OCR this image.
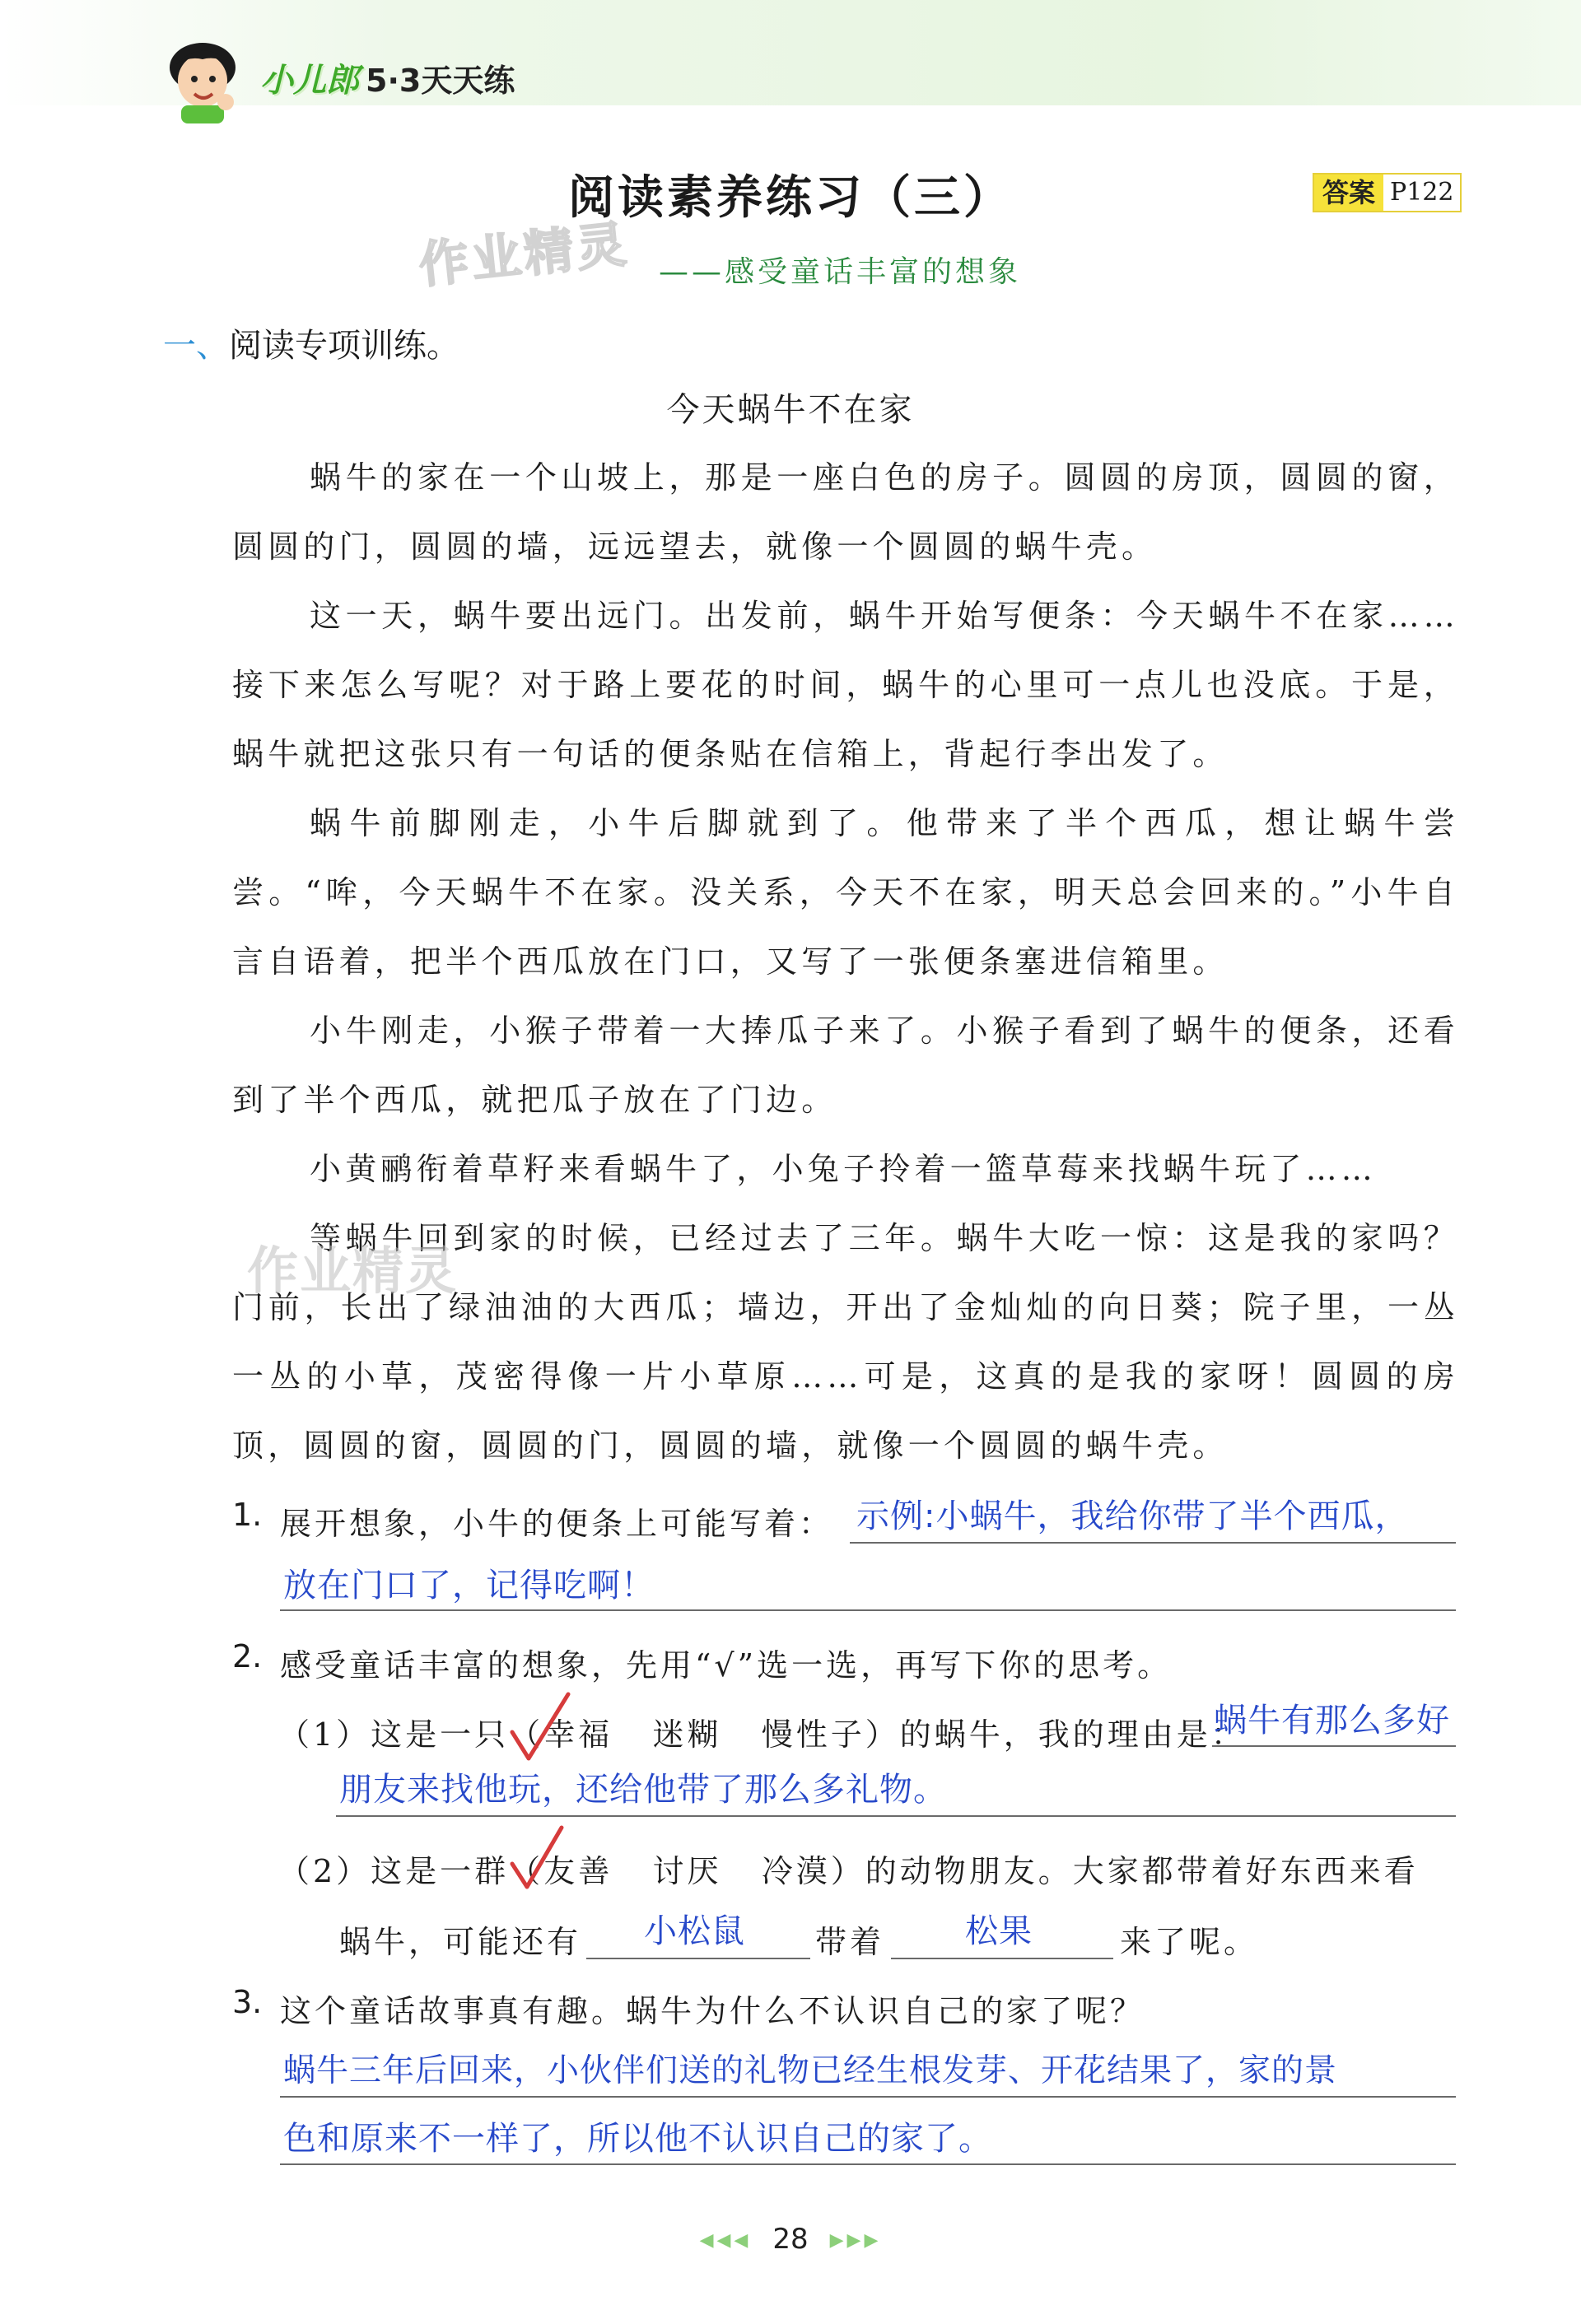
小儿郎 5·3天天练
阅读素养练习（三）	答案 P122
作业精灵 ——感受童话丰富的想象
一、阅读专项训练。
今天蜗牛不在家
蜗牛的家在一个山坡上，那是一座白色的房子。圆圆的房顶，圆圆的窗，圆圆的门，圆圆的墙，远远望去，就像一个圆圆的蜗牛壳。
这一天，蜗牛要出远门。出发前，蜗牛开始写便条：今天蜗牛不在家……接下来怎么写呢？对于路上要花的时间，蜗牛的心里可一点儿也没底。于是，蜗牛就把这张只有一句话的便条贴在信箱上，背起行李出发了。
蜗牛前脚刚走，小牛后脚就到了。他带来了半个西瓜，想让蜗牛尝尝。“哞，今天蜗牛不在家。没关系，今天不在家，明天总会回来的。”小牛自言自语着，把半个西瓜放在门口，又写了一张便条塞进信箱里。
小牛刚走，小猴子带着一大捧瓜子来了。小猴子看到了蜗牛的便条，还看到了半个西瓜，就把瓜子放在了门边。
小黄鹂衔着草籽来看蜗牛了，小兔子拎着一篮草莓来找蜗牛玩了……
等蜗牛回到家的时候，已经过去了三年。蜗牛大吃一惊：这是我的家吗？门前，长出了绿油油的大西瓜；墙边，开出了金灿灿的向日葵；院子里，一丛一丛的小草，茂密得像一片小草原……可是，这真的是我的家呀！圆圆的房顶，圆圆的窗，圆圆的门，圆圆的墙，就像一个圆圆的蜗牛壳。
作业精灵
1. 展开想象，小牛的便条上可能写着： 示例:小蜗牛，我给你带了半个西瓜，
放在门口了，记得吃啊！
2. 感受童话丰富的想象，先用“√”选一选，再写下你的思考。
（1）这是一只（幸福 迷糊 慢性子）的蜗牛，我的理由是：
蜗牛有那么多好
朋友来找他玩，还给他带了那么多礼物。
（2）这是一群（友善 讨厌 冷漠）的动物朋友。大家都带着好东西来看
蜗牛，可能还有 小松鼠 带着 松果	来了呢。
3. 这个童话故事真有趣。蜗牛为什么不认识自己的家了呢？
蜗牛三年后回来，小伙伴们送的礼物已经生根发芽、开花结果了，家的景
色和原来不一样了，所以他不认识自己的家了。
◀◀◀ 28 ▶▶▶
